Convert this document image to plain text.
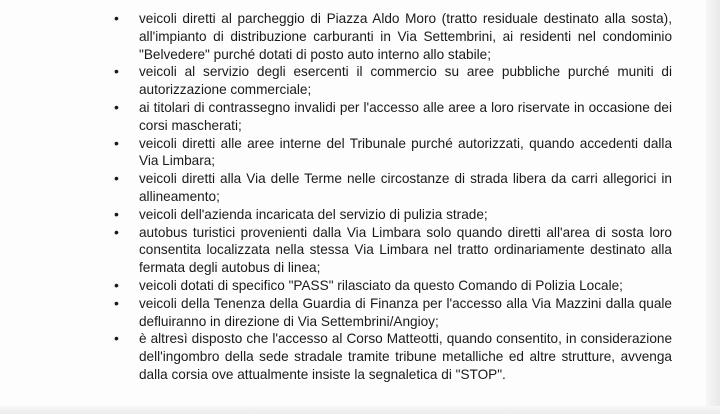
• veicoli diretti al parcheggio di Piazza Aldo Moro (tratto residuale destinato alla sosta), all'impianto di distribuzione carburanti in Via Settembrini, ai residenti nel condominio "Belvedere" purché dotati di posto auto interno allo stabile;
• veicoli al servizio degli esercenti il commercio su aree pubbliche purché muniti di autorizzazione commerciale;
• ai titolari di contrassegno invalidi per l'accesso alle aree a loro riservate in occasione dei corsi mascherati;
• veicoli diretti alle aree interne del Tribunale purché autorizzati, quando accedenti dalla Via Limbara;
• veicoli diretti alla Via delle Terme nelle circostanze di strada libera da carri allegorici in allineamento;
• veicoli dell'azienda incaricata del servizio di pulizia strade;
• autobus turistici provenienti dalla Via Limbara solo quando diretti all'area di sosta loro consentita localizzata nella stessa Via Limbara nel tratto ordinariamente destinato alla fermata degli autobus di linea;
• veicoli dotati di specifico "PASS" rilasciato da questo Comando di Polizia Locale;
• veicoli della Tenenza della Guardia di Finanza per l'accesso alla Via Mazzini dalla quale defluiranno in direzione di Via Settembrini/Angioy;
• è altresì disposto che l'accesso al Corso Matteotti, quando consentito, in considerazione dell'ingombro della sede stradale tramite tribune metalliche ed altre strutture, avvenga dalla corsia ove attualmente insiste la segnaletica di "STOP".
